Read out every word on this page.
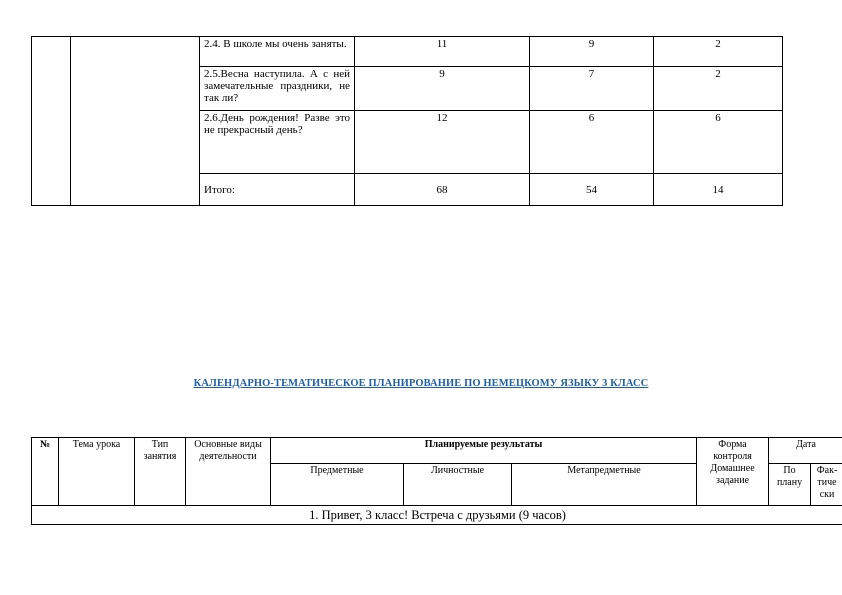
		2.4. В школе мы очень заняты.	11	9	2
		2.5.Весна наступила. А с ней замечательные праздники, не так ли?	9	7	2
		2.6.День рождения! Разве это не прекрасный день?	12	6	6
		Итого:	68	54	14
КАЛЕНДАРНО-ТЕМАТИЧЕСКОЕ ПЛАНИРОВАНИЕ ПО НЕМЕЦКОМУ ЯЗЫКУ 3 КЛАСС
№	Тема урока	Тип занятия	Основные виды деятельности	Планируемые результаты			Форма контроля Домашнее задание	Дата	
				Предметные	Личностные	Метапредметные		По плану	Фак-тиче ски
1. Привет, 3 класс! Встреча с друзьями (9 часов)									
